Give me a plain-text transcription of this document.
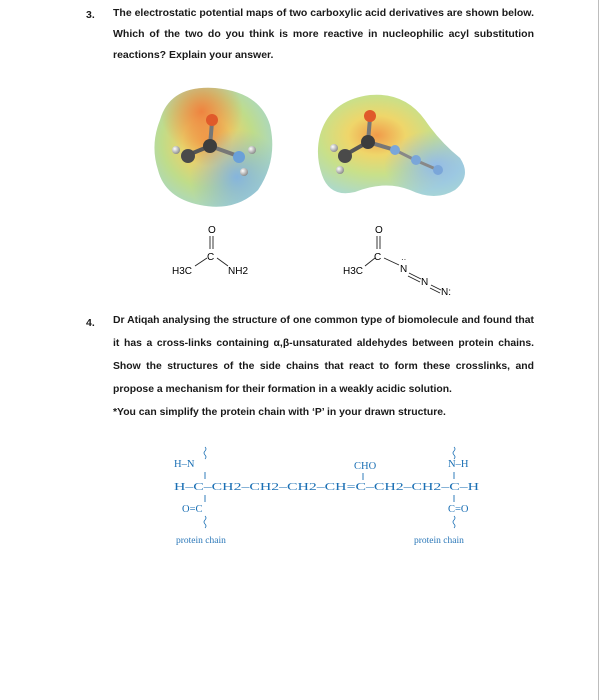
3. The electrostatic potential maps of two carboxylic acid derivatives are shown below. Which of the two do you think is more reactive in nucleophilic acyl substitution reactions? Explain your answer.

O
C
H3C	NH2
O
C
H3C	N
··
N
N:
4. Dr Atiqah analysing the structure of one common type of biomolecule and found that it has a cross-links containing α,β-unsaturated aldehydes between protein chains. Show the structures of the side chains that react to form these crosslinks, and propose a mechanism for their formation in a weakly acidic solution.

*You can simplify the protein chain with ‘P’ in your drawn structure.

H–N	CHO	N–H
H–C–CH2–CH2–CH2–CH=C–CH2–CH2–C–H
O=C	C=O
protein chain	protein chain
